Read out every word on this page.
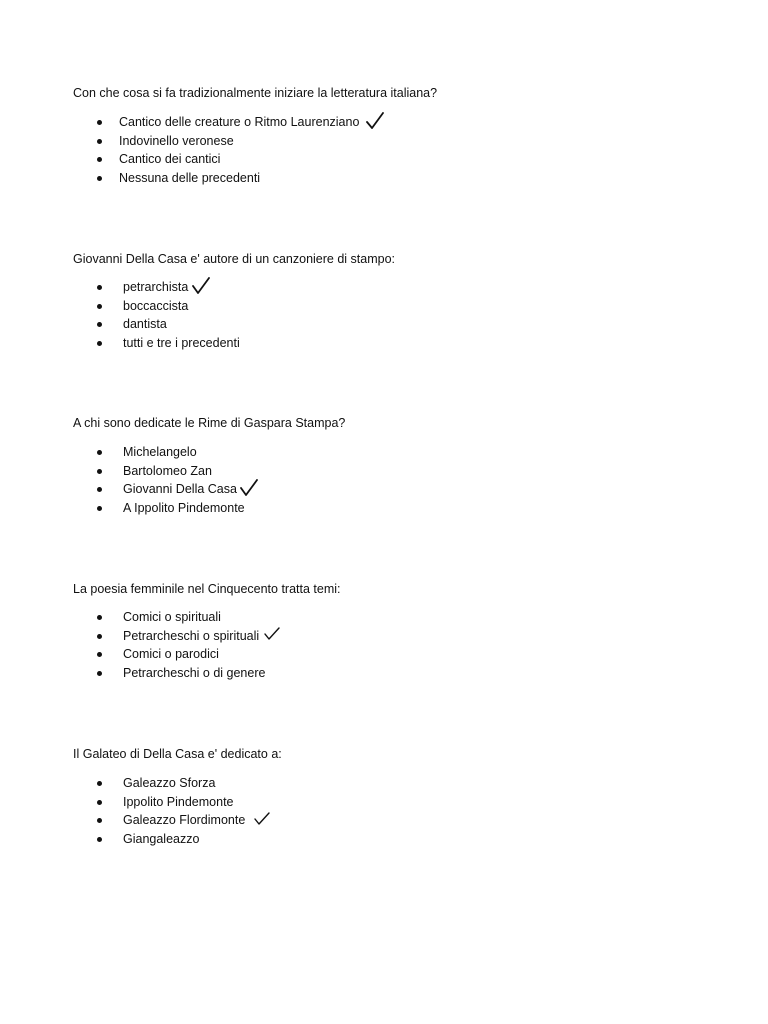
Con che cosa si fa tradizionalmente iniziare la letteratura italiana?

Cantico delle creature o Ritmo Laurenziano
Indovinello veronese
Cantico dei cantici
Nessuna delle precedenti

Giovanni Della Casa e' autore di un canzoniere di stampo:

petrarchista
boccaccista
dantista
tutti e tre i precedenti

A chi sono dedicate le Rime di Gaspara Stampa?

Michelangelo
Bartolomeo Zan
Giovanni Della Casa
A Ippolito Pindemonte

La poesia femminile nel Cinquecento tratta temi:

Comici o spirituali
Petrarcheschi o spirituali
Comici o parodici
Petrarcheschi o di genere

Il Galateo di Della Casa e' dedicato a:

Galeazzo Sforza
Ippolito Pindemonte
Galeazzo Flordimonte
Giangaleazzo
